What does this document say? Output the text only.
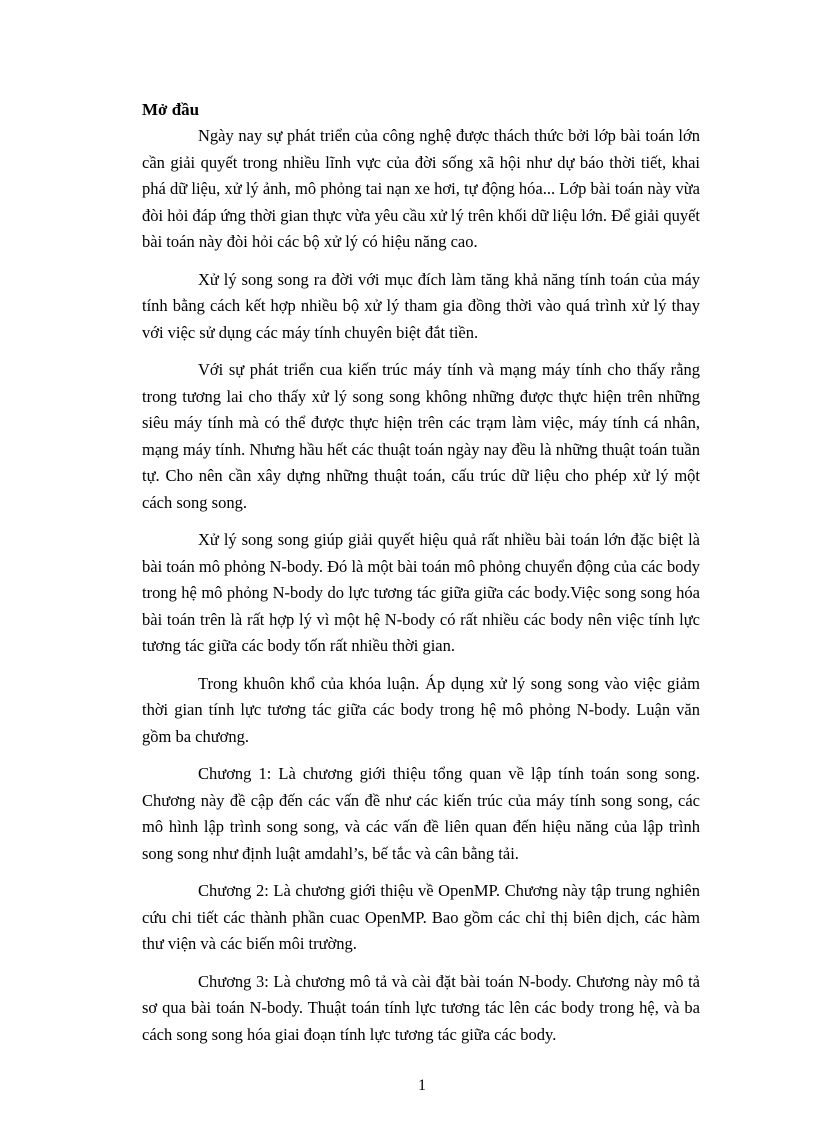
Mở đầu

Ngày nay sự phát triển của công nghệ được thách thức bởi lớp bài toán lớn cần giải quyết trong nhiều lĩnh vực của đời sống xã hội như dự báo thời tiết, khai phá dữ liệu, xử lý ảnh, mô phỏng tai nạn xe hơi, tự động hóa... Lớp bài toán này vừa đòi hỏi đáp ứng thời gian thực vừa yêu cầu xử lý trên khối dữ liệu lớn. Để giải quyết bài toán này đòi hỏi các bộ xử lý có hiệu năng cao.

Xử lý song song ra đời với mục đích làm tăng khả năng tính toán của máy tính bằng cách kết hợp nhiều bộ xử lý tham gia đồng thời vào quá trình xử lý thay với việc sử dụng các máy tính chuyên biệt đắt tiền.

Với sự phát triển cua kiến trúc máy tính và mạng máy tính cho thấy rằng trong tương lai cho thấy xử lý song song không những được thực hiện trên những siêu máy tính mà có thể được thực hiện trên các trạm làm việc, máy tính cá nhân, mạng máy tính. Nhưng hầu hết các thuật toán ngày nay đều là những thuật toán tuần tự. Cho nên cần xây dựng những thuật toán, cấu trúc dữ liệu cho phép xử lý một cách song song.

Xử lý song song giúp giải quyết hiệu quả rất nhiều bài toán lớn đặc biệt là bài toán mô phỏng N-body. Đó là một bài toán mô phỏng chuyển động của các body trong hệ mô phỏng N-body do lực tương tác giữa giữa các body.Việc song song hóa bài toán trên là rất hợp lý vì một hệ N-body có rất nhiều các body nên việc tính lực tương tác giữa các body tốn rất nhiều thời gian.

Trong khuôn khổ của khóa luận. Áp dụng xử lý song song vào việc giảm thời gian tính lực tương tác giữa các body trong hệ mô phỏng N-body. Luận văn gồm ba chương.

Chương 1: Là chương giới thiệu tổng quan về lập tính toán song song. Chương này đề cập đến các vấn đề như các kiến trúc của máy tính song song, các mô hình lập trình song song, và các vấn đề liên quan đến hiệu năng của lập trình song song như định luật amdahl’s, bế tắc và cân bằng tải.

Chương 2: Là chương giới thiệu về OpenMP. Chương này tập trung nghiên cứu chi tiết các thành phần cuac OpenMP. Bao gồm các chỉ thị biên dịch, các hàm thư viện và các biến môi trường.

Chương 3: Là chương mô tả và cài đặt bài toán N-body. Chương này mô tả sơ qua bài toán N-body. Thuật toán tính lực tương tác lên các body trong hệ, và ba cách song song hóa giai đoạn tính lực tương tác giữa các body.

1
